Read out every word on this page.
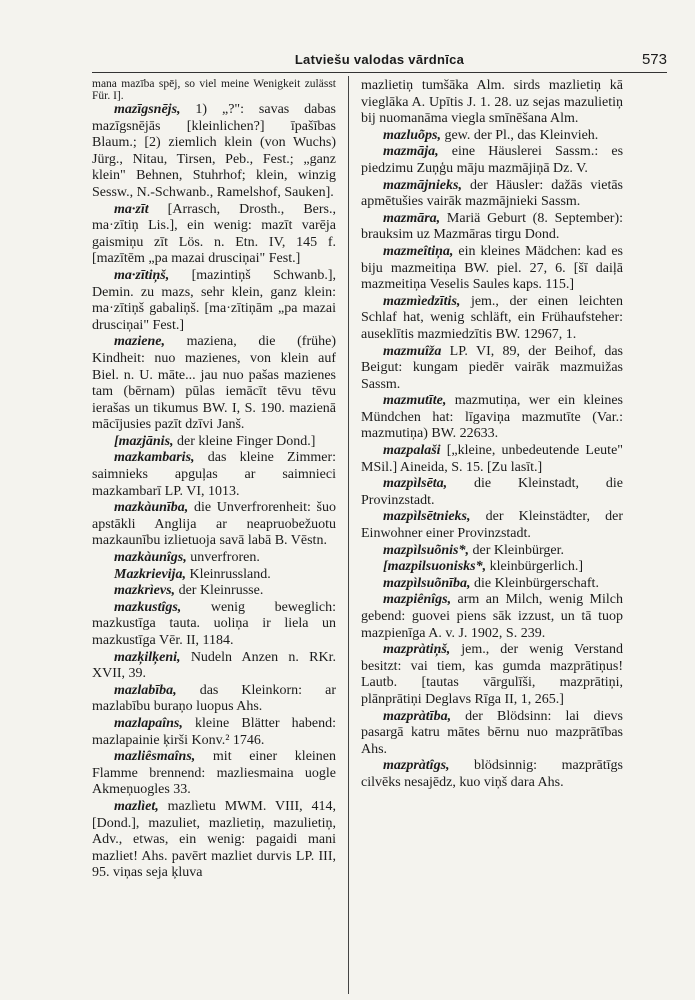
Latviešu valodas vārdnīca	573

mana mazība spēj, so viel meine Wenigkeit zulässt Für. I].

mazīgsnējs, 1) „?": savas dabas mazīgsnējās [kleinlichen?] īpašības Blaum.; [2) ziemlich klein (von Wuchs) Jürg., Nitau, Tirsen, Peb., Fest.; „ganz klein" Behnen, Stuhrhof; klein, winzig Sessw., N.-Schwanb., Ramelshof, Sauken].

ma·zīt [Arrasch, Drosth., Bers., ma·zītiņ Lis.], ein wenig: mazīt varēja gaismiņu zīt Lös. n. Etn. IV, 145 f. [mazītēm „pa mazai drusciņai" Fest.]

ma·zītiņš, [mazintiņš Schwanb.], Demin. zu mazs, sehr klein, ganz klein: ma·zītiņš gabaliņš. [ma·zītiņām „pa mazai drusciņai" Fest.]

maziene, maziena, die (frühe) Kindheit: nuo mazienes, von klein auf Biel. n. U. māte... jau nuo pašas mazienes tam (bērnam) pūlas iemācīt tēvu tēvu ierašas un tikumus BW. I, S. 190. mazienā mācījusies pazīt dzīvi Janš.

[mazjānis, der kleine Finger Dond.]

mazkambaris, das kleine Zimmer: saimnieks apguļas ar saimnieci mazkambarī LP. VI, 1013.

mazkàunība, die Unverfrorenheit: šuo apstākli Anglija ar neapruobežuotu mazkaunību izlietuoja savā labā B. Vēstn.

mazkàunîgs, unverfroren.

Mazkrievija, Kleinrussland.

mazkrìevs, der Kleinrusse.

mazkustîgs, wenig beweglich: mazkustīga tauta. uoliņa ir liela un mazkustīga Vēr. II, 1184.

mazķilķeni, Nudeln Anzen n. RKr. XVII, 39.

mazlabība, das Kleinkorn: ar mazlabību buraņo luopus Ahs.

mazlapaîns, kleine Blätter habend: mazlapainie ķirši Konv.² 1746.

mazliêsmaîns, mit einer kleinen Flamme brennend: mazliesmaina uogle Akmeņuogles 33.

mazlìet, mazlìetu MWM. VIII, 414, [Dond.], mazuliet, mazlietiņ, mazulietiņ, Adv., etwas, ein wenig: pagaidi mani mazliet! Ahs. pavērt mazliet durvis LP. III, 95. viņas seja ķluva

mazlietiņ tumšāka Alm. sirds mazlietiņ kā vieglāka A. Upītis J. 1. 28. uz sejas mazulietiņ bij nuomanāma viegla smīnēšana Alm.

mazluõps, gew. der Pl., das Kleinvieh.

mazmāja, eine Häuslerei Sassm.: es piedzimu Zuņģu māju mazmājiņā Dz. V.

mazmājnieks, der Häusler: dažās vietās apmētušies vairāk mazmājnieki Sassm.

mazmāra, Mariä Geburt (8. September): brauksim uz Mazmāras tirgu Dond.

mazmeîtiņa, ein kleines Mädchen: kad es biju mazmeitiņa BW. piel. 27, 6. [šī daiļā mazmeitiņa Veselis Saules kaps. 115.]

mazmìedzītis, jem., der einen leichten Schlaf hat, wenig schläft, ein Frühaufsteher: auseklītis mazmiedzītis BW. 12967, 1.

mazmuîža LP. VI, 89, der Beihof, das Beigut: kungam piedēr vairāk mazmuižas Sassm.

mazmutīte, mazmutiņa, wer ein kleines Mündchen hat: līgaviņa mazmutīte (Var.: mazmutiņa) BW. 22633.

mazpalaši [„kleine, unbedeutende Leute" MSil.] Aineida, S. 15. [Zu lasīt.]

mazpìlsēta, die Kleinstadt, die Provinzstadt.

mazpìlsētnieks, der Kleinstädter, der Einwohner einer Provinzstadt.

mazpìlsuõnis*, der Kleinbürger.

[mazpilsuonisks*, kleinbürgerlich.]

mazpìlsuõnība, die Kleinbürgerschaft.

mazpiênîgs, arm an Milch, wenig Milch gebend: guovei piens sāk izzust, un tā tuop mazpienīga A. v. J. 1902, S. 239.

mazpràtiņš, jem., der wenig Verstand besitzt: vai tiem, kas gumda mazprātiņus! Lautb. [tautas vārgulīši, mazprātiņi, plānprātiņi Deglavs Rīga II, 1, 265.]

mazpràtība, der Blödsinn: lai dievs pasargā katru mātes bērnu nuo mazprātības Ahs.

mazpràtîgs, blödsinnig: mazprātīgs cilvēks nesajēdz, kuo viņš dara Ahs.
